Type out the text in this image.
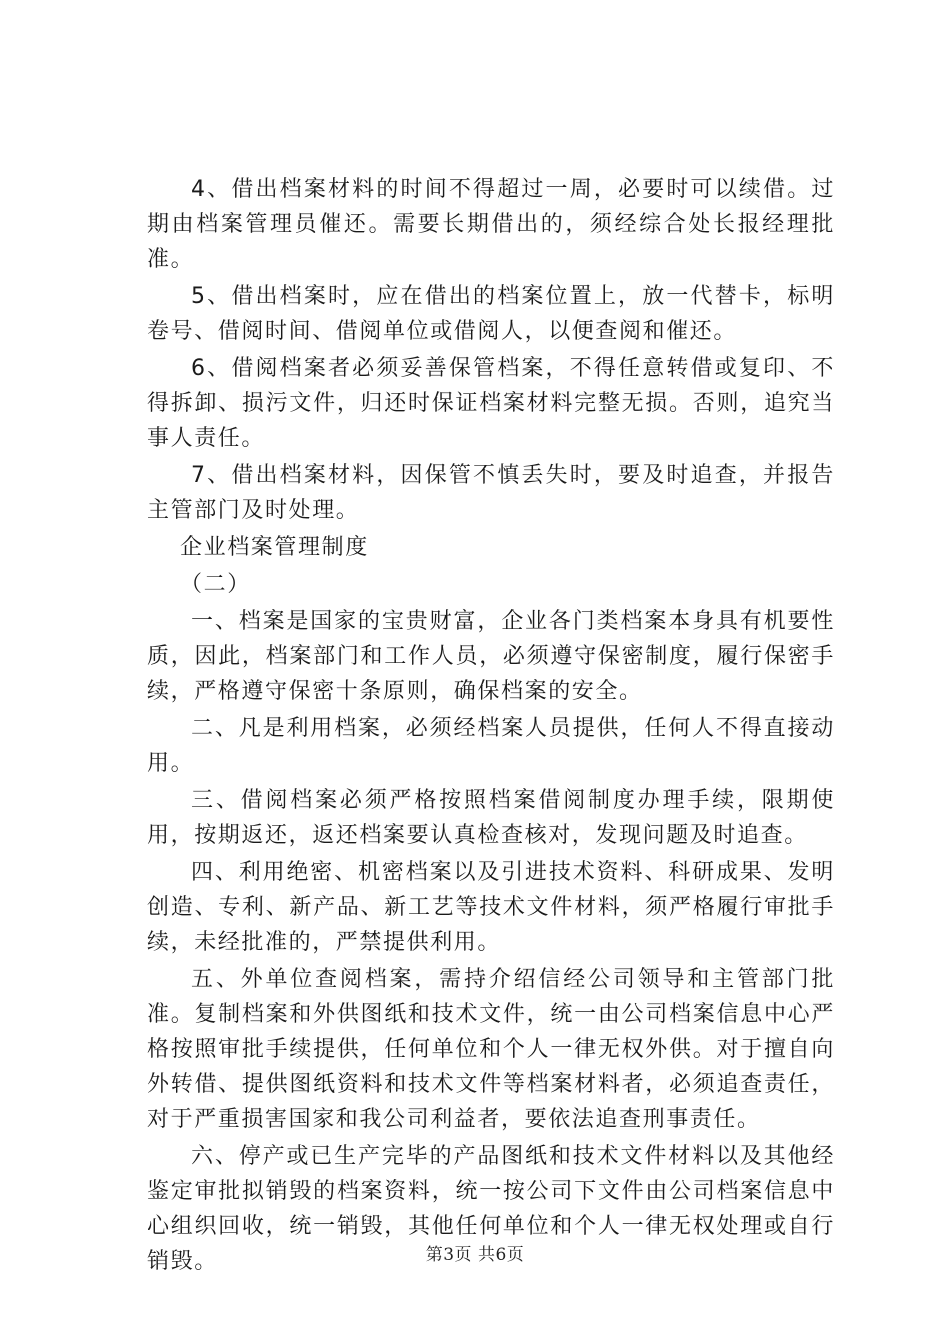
4、借出档案材料的时间不得超过一周，必要时可以续借。过期由档案管理员催还。需要长期借出的，须经综合处长报经理批准。

5、借出档案时，应在借出的档案位置上，放一代替卡，标明卷号、借阅时间、借阅单位或借阅人，以便查阅和催还。

6、借阅档案者必须妥善保管档案，不得任意转借或复印、不得拆卸、损污文件，归还时保证档案材料完整无损。否则，追究当事人责任。

7、借出档案材料，因保管不慎丢失时，要及时追查，并报告主管部门及时处理。

企业档案管理制度
（二）

一、档案是国家的宝贵财富，企业各门类档案本身具有机要性质，因此，档案部门和工作人员，必须遵守保密制度，履行保密手续，严格遵守保密十条原则，确保档案的安全。

二、凡是利用档案，必须经档案人员提供，任何人不得直接动用。

三、借阅档案必须严格按照档案借阅制度办理手续，限期使用，按期返还，返还档案要认真检查核对，发现问题及时追查。

四、利用绝密、机密档案以及引进技术资料、科研成果、发明创造、专利、新产品、新工艺等技术文件材料，须严格履行审批手续，未经批准的，严禁提供利用。

五、外单位查阅档案，需持介绍信经公司领导和主管部门批准。复制档案和外供图纸和技术文件，统一由公司档案信息中心严格按照审批手续提供，任何单位和个人一律无权外供。对于擅自向外转借、提供图纸资料和技术文件等档案材料者，必须追查责任，对于严重损害国家和我公司利益者，要依法追查刑事责任。

六、停产或已生产完毕的产品图纸和技术文件材料以及其他经鉴定审批拟销毁的档案资料，统一按公司下文件由公司档案信息中心组织回收，统一销毁，其他任何单位和个人一律无权处理或自行销毁。	第3页 共6页
